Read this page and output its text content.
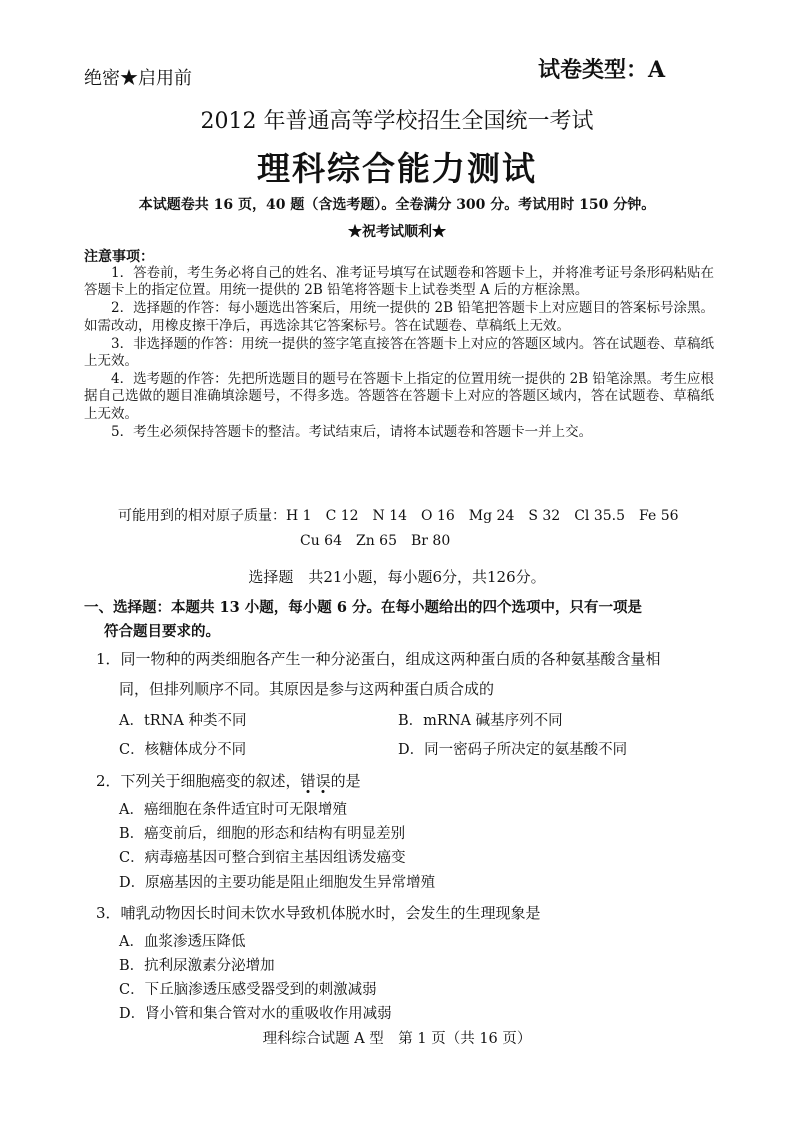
绝密★启用前	试卷类型：A
2012 年普通高等学校招生全国统一考试
理科综合能力测试
本试题卷共 16 页，40 题（含选考题）。全卷满分 300 分。考试用时 150 分钟。
★祝考试顺利★
注意事项：

1．答卷前，考生务必将自己的姓名、准考证号填写在试题卷和答题卡上，并将准考证号条形码粘贴在答题卡上的指定位置。用统一提供的 2B 铅笔将答题卡上试卷类型 A 后的方框涂黑。

2．选择题的作答：每小题选出答案后，用统一提供的 2B 铅笔把答题卡上对应题目的答案标号涂黑。如需改动，用橡皮擦干净后，再选涂其它答案标号。答在试题卷、草稿纸上无效。

3．非选择题的作答：用统一提供的签字笔直接答在答题卡上对应的答题区域内。答在试题卷、草稿纸上无效。

4．选考题的作答：先把所选题目的题号在答题卡上指定的位置用统一提供的 2B 铅笔涂黑。考生应根据自己选做的题目准确填涂题号，不得多选。答题答在答题卡上对应的答题区域内，答在试题卷、草稿纸上无效。

5．考生必须保持答题卡的整洁。考试结束后，请将本试题卷和答题卡一并上交。

可能用到的相对原子质量：H 1　C 12　N 14　O 16　Mg 24　S 32　Cl 35.5　Fe 56
Cu 64　Zn 65　Br 80
选择题　共21小题，每小题6分，共126分。
一、选择题：本题共 13 小题，每小题 6 分。在每小题给出的四个选项中，只有一项是
符合题目要求的。
1．同一物种的两类细胞各产生一种分泌蛋白，组成这两种蛋白质的各种氨基酸含量相
同，但排列顺序不同。其原因是参与这两种蛋白质合成的
A．tRNA 种类不同	B．mRNA 碱基序列不同
C．核糖体成分不同	D．同一密码子所决定的氨基酸不同
2．下列关于细胞癌变的叙述，错
误
的是
A．癌细胞在条件适宜时可无限增殖
B．癌变前后，细胞的形态和结构有明显差别
C．病毒癌基因可整合到宿主基因组诱发癌变
D．原癌基因的主要功能是阻止细胞发生异常增殖
3．哺乳动物因长时间未饮水导致机体脱水时，会发生的生理现象是
A．血浆渗透压降低
B．抗利尿激素分泌增加
C．下丘脑渗透压感受器受到的刺激减弱
D．肾小管和集合管对水的重吸收作用减弱
理科综合试题 A 型　第 1 页（共 16 页）
